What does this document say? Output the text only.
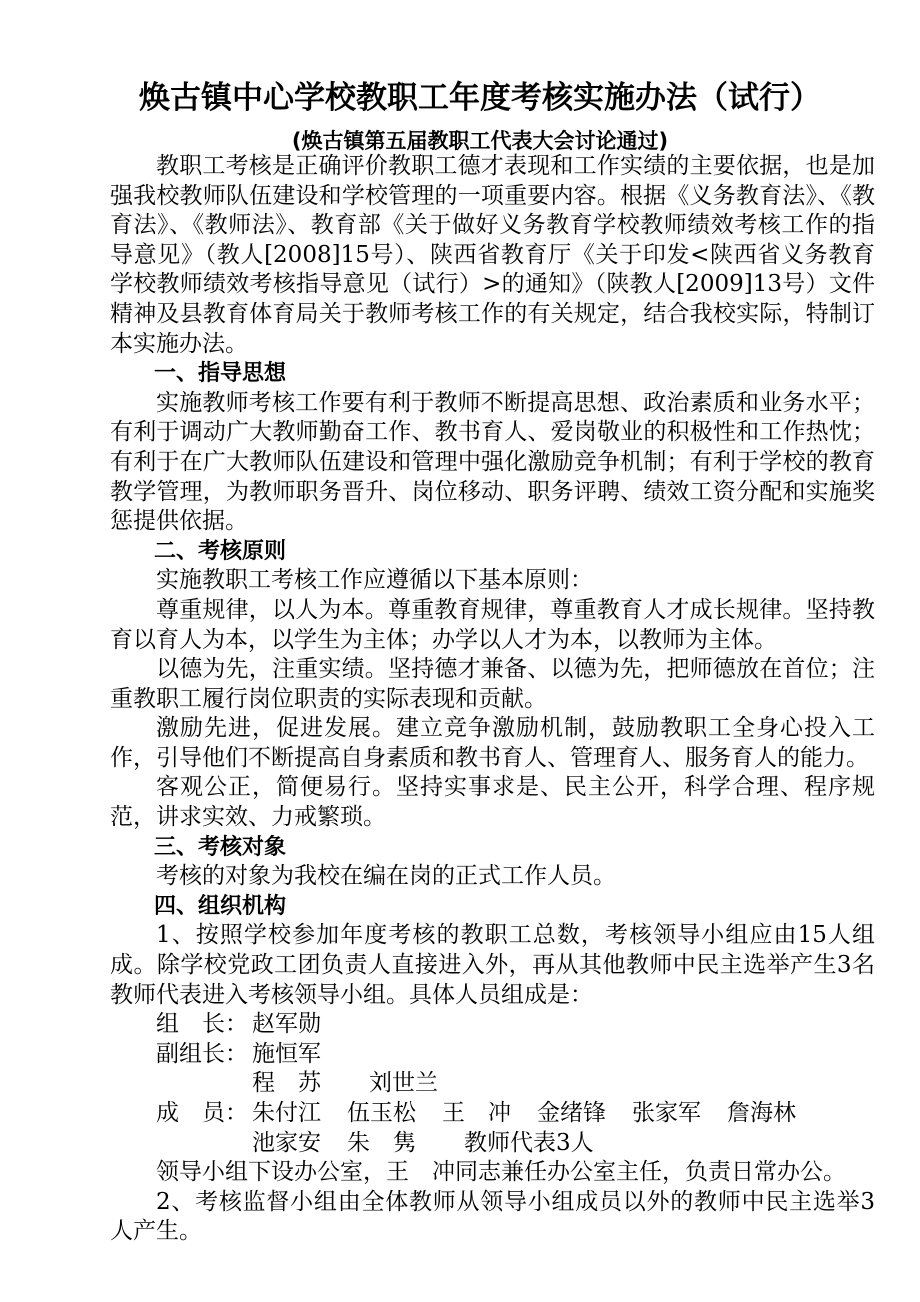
焕古镇中心学校教职工年度考核实施办法（试行）
(焕古镇第五届教职工代表大会讨论通过)

教职工考核是正确评价教职工德才表现和工作实绩的主要依据，也是加强我校教师队伍建设和学校管理的一项重要内容。根据《义务教育法》、《教育法》、《教师法》、教育部《关于做好义务教育学校教师绩效考核工作的指导意见》（教人[2008]15号）、陕西省教育厅《关于印发<陕西省义务教育学校教师绩效考核指导意见（试行）>的通知》（陕教人[2009]13号）文件精神及县教育体育局关于教师考核工作的有关规定，结合我校实际，特制订本实施办法。

一、指导思想

实施教师考核工作要有利于教师不断提高思想、政治素质和业务水平；有利于调动广大教师勤奋工作、教书育人、爱岗敬业的积极性和工作热忱；有利于在广大教师队伍建设和管理中强化激励竞争机制；有利于学校的教育教学管理，为教师职务晋升、岗位移动、职务评聘、绩效工资分配和实施奖惩提供依据。

二、考核原则

实施教职工考核工作应遵循以下基本原则：

尊重规律，以人为本。尊重教育规律，尊重教育人才成长规律。坚持教育以育人为本，以学生为主体；办学以人才为本，以教师为主体。

以德为先，注重实绩。坚持德才兼备、以德为先，把师德放在首位；注重教职工履行岗位职责的实际表现和贡献。

激励先进，促进发展。建立竞争激励机制，鼓励教职工全身心投入工作，引导他们不断提高自身素质和教书育人、管理育人、服务育人的能力。

客观公正，简便易行。坚持实事求是、民主公开，科学合理、程序规范，讲求实效、力戒繁琐。

三、考核对象

考核的对象为我校在编在岗的正式工作人员。

四、组织机构

1、按照学校参加年度考核的教职工总数，考核领导小组应由15人组成。除学校党政工团负责人直接进入外，再从其他教师中民主选举产生3名教师代表进入考核领导小组。具体人员组成是：

组　长： 赵军勋
副组长： 施恒军
程　苏 刘世兰
成　员： 朱付江 伍玉松 王　冲 金绪锋 张家军 詹海林
池家安 朱　隽 教师代表3人

领导小组下设办公室，王　冲同志兼任办公室主任，负责日常办公。

2、考核监督小组由全体教师从领导小组成员以外的教师中民主选举3人产生。
